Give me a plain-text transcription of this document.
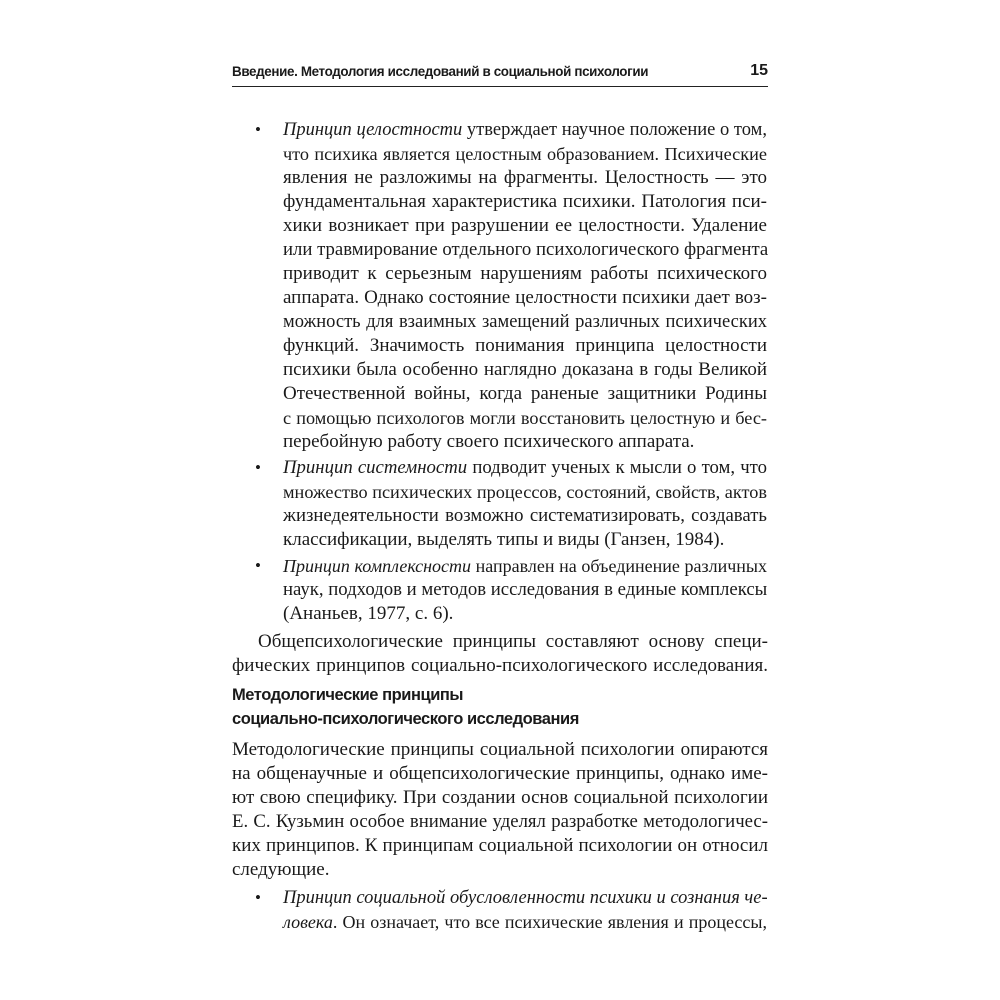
Введение. Методология исследований в социальной психологии	15
•
Принцип целостности утверждает научное положение о том,
что психика является целостным образованием. Психические
явления не разложимы на фрагменты. Целостность — это
фундаментальная характеристика психики. Патология пси-
хики возникает при разрушении ее целостности. Удаление
или травмирование отдельного психологического фрагмента
приводит к серьезным нарушениям работы психического
аппарата. Однако состояние целостности психики дает воз-
можность для взаимных замещений различных психических
функций. Значимость понимания принципа целостности
психики была особенно наглядно доказана в годы Великой
Отечественной войны, когда раненые защитники Родины
с помощью психологов могли восстановить целостную и бес-
перебойную работу своего психического аппарата.
•
Принцип системности подводит ученых к мысли о том, что
множество психических процессов, состояний, свойств, актов
жизнедеятельности возможно систематизировать, создавать
классификации, выделять типы и виды (Ганзен, 1984).
•
Принцип комплексности направлен на объединение различных
наук, подходов и методов исследования в единые комплексы
(Ананьев, 1977, с. 6).
Общепсихологические принципы составляют основу специ-
фических принципов социально-психологического исследования.
Методологические принципы
социально-психологического исследования
Методологические принципы социальной психологии опираются
на общенаучные и общепсихологические принципы, однако име-
ют свою специфику. При создании основ социальной психологии
Е. С. Кузьмин особое внимание уделял разработке методологичес-
ких принципов. К принципам социальной психологии он относил
следующие.
•
Принцип социальной обусловленности психики и сознания че-
ловека. Он означает, что все психические явления и процессы,
